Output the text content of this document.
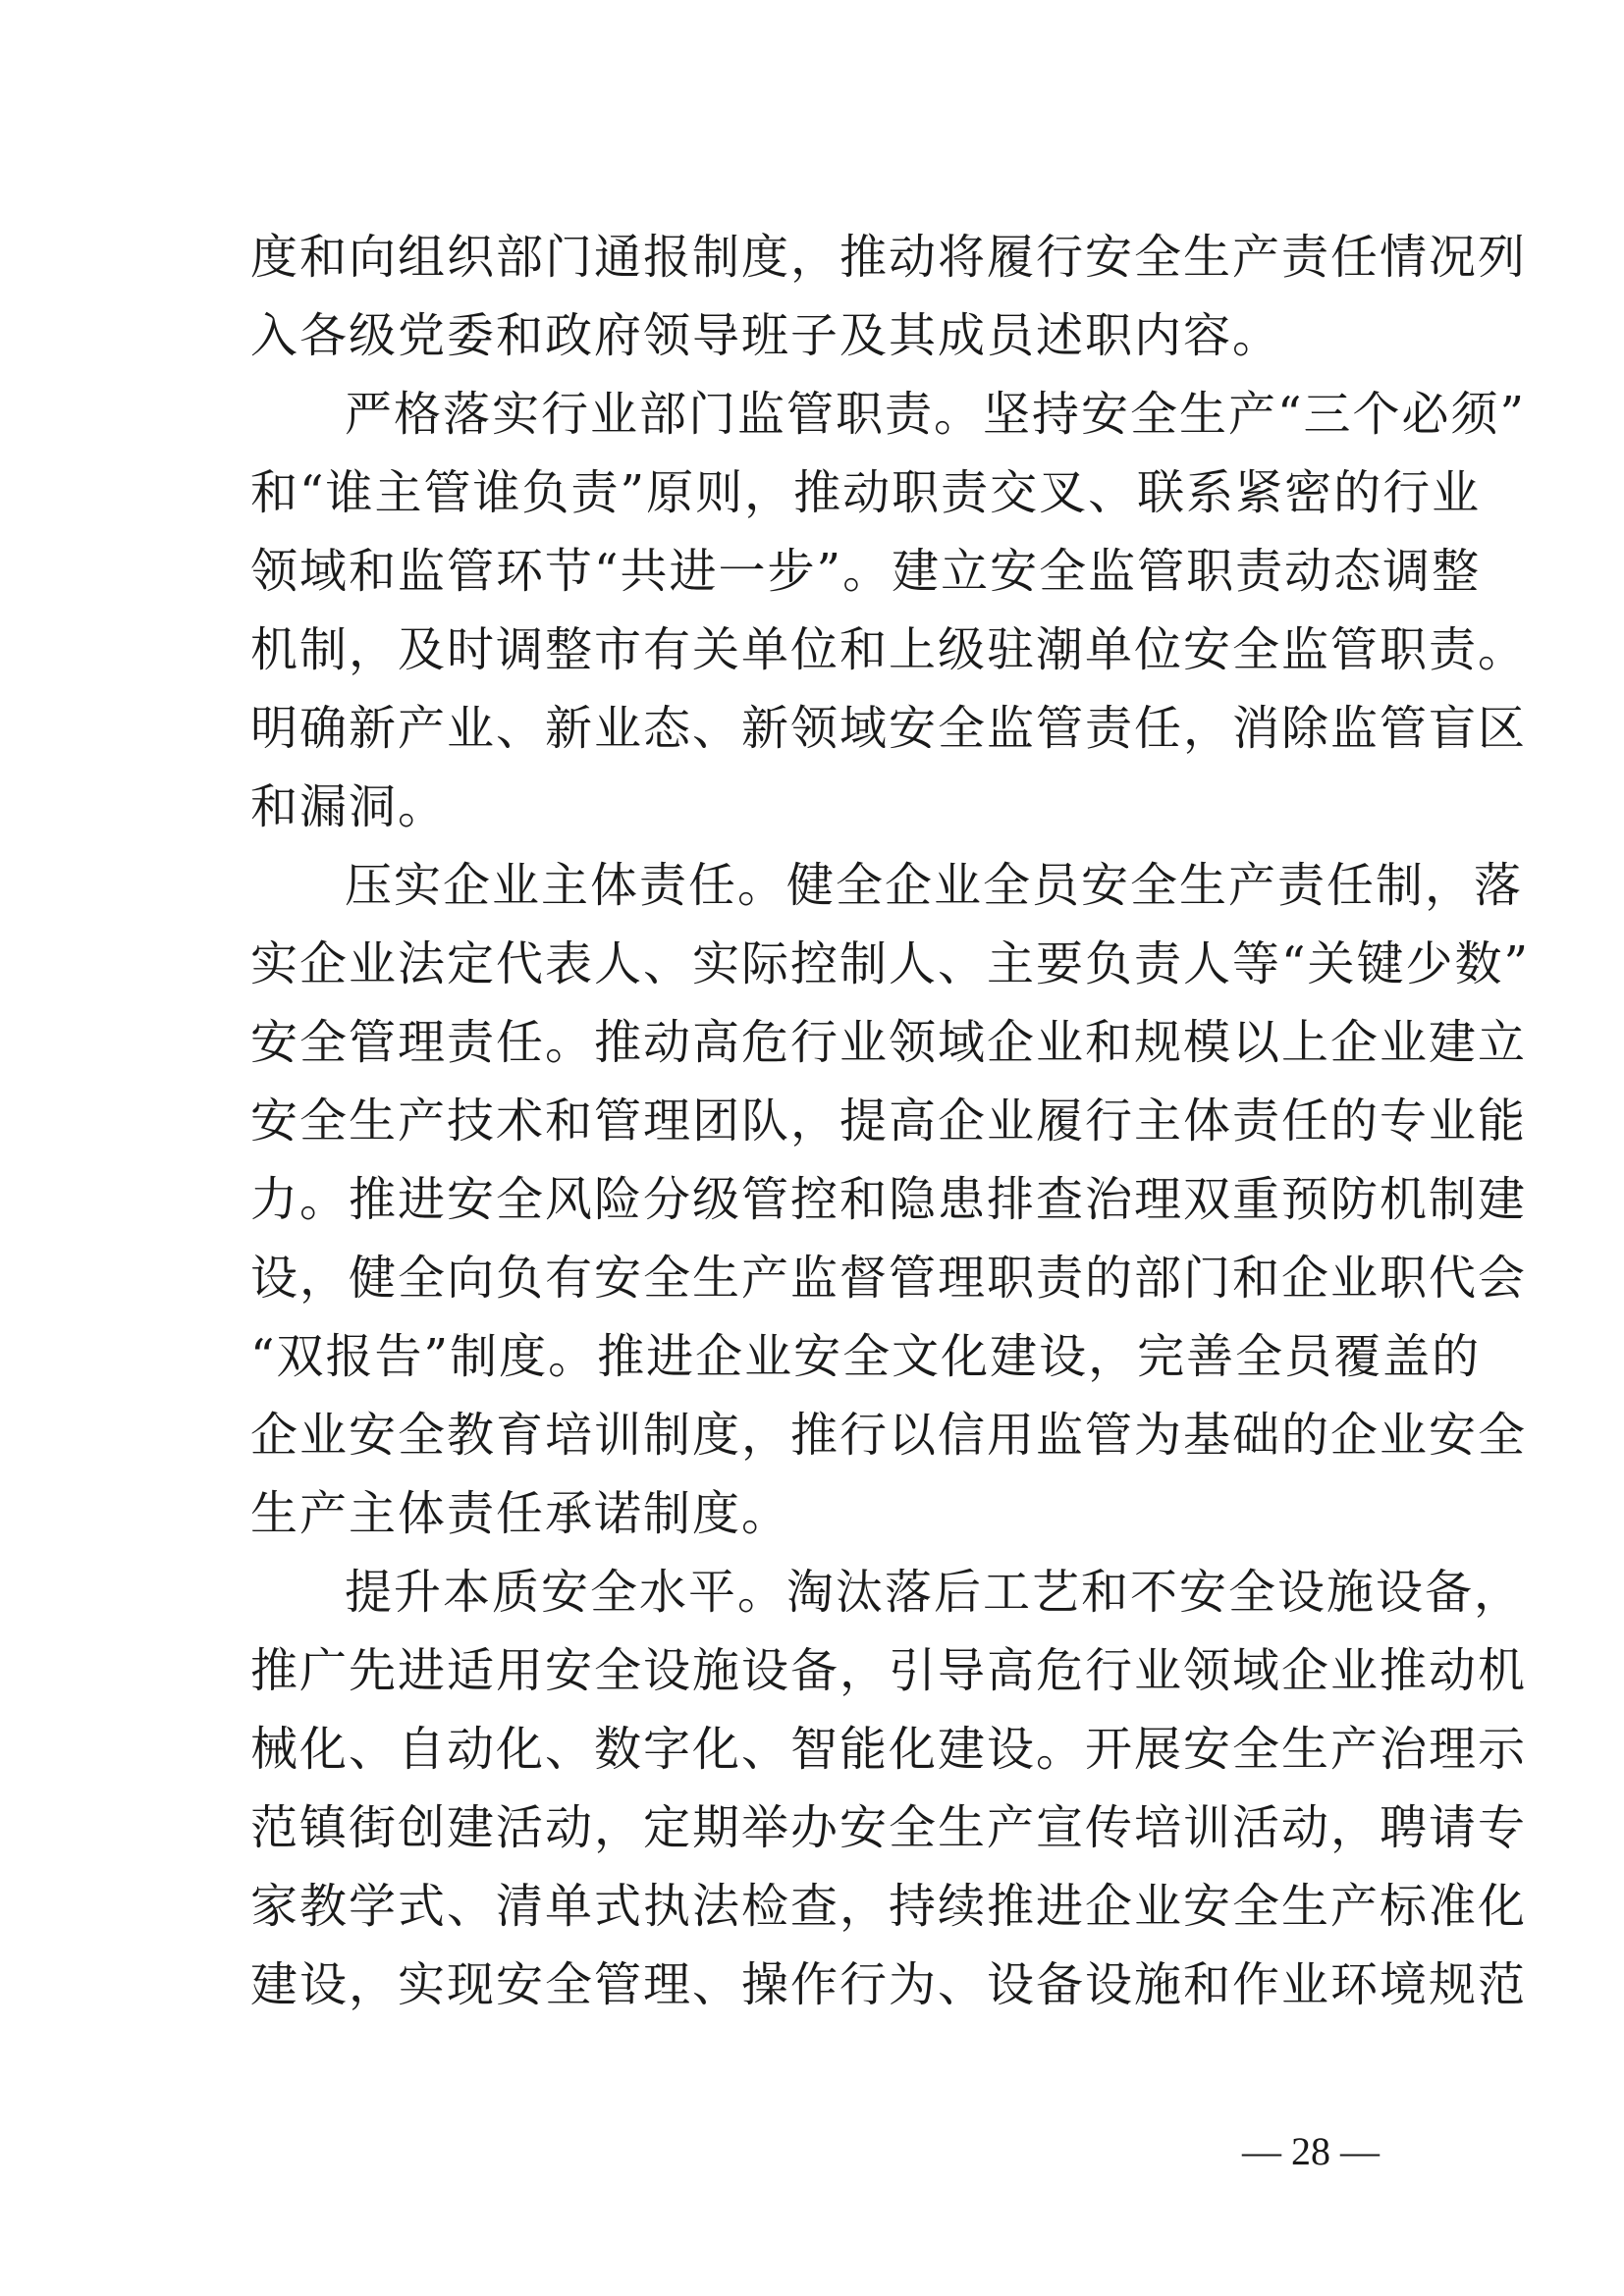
度和向组织部门通报制度，推动将履行安全生产责任情况列
入各级党委和政府领导班子及其成员述职内容。
严格落实行业部门监管职责。坚持安全生产“三个必须”
和“谁主管谁负责”原则，推动职责交叉、联系紧密的行业
领域和监管环节“共进一步”。建立安全监管职责动态调整
机制，及时调整市有关单位和上级驻潮单位安全监管职责。
明确新产业、新业态、新领域安全监管责任，消除监管盲区
和漏洞。
压实企业主体责任。健全企业全员安全生产责任制，落
实企业法定代表人、实际控制人、主要负责人等“关键少数”
安全管理责任。推动高危行业领域企业和规模以上企业建立
安全生产技术和管理团队，提高企业履行主体责任的专业能
力。推进安全风险分级管控和隐患排查治理双重预防机制建
设，健全向负有安全生产监督管理职责的部门和企业职代会
“双报告”制度。推进企业安全文化建设，完善全员覆盖的
企业安全教育培训制度，推行以信用监管为基础的企业安全
生产主体责任承诺制度。
提升本质安全水平。淘汰落后工艺和不安全设施设备，
推广先进适用安全设施设备，引导高危行业领域企业推动机
械化、自动化、数字化、智能化建设。开展安全生产治理示
范镇街创建活动，定期举办安全生产宣传培训活动，聘请专
家教学式、清单式执法检查，持续推进企业安全生产标准化
建设，实现安全管理、操作行为、设备设施和作业环境规范
— 28 —
